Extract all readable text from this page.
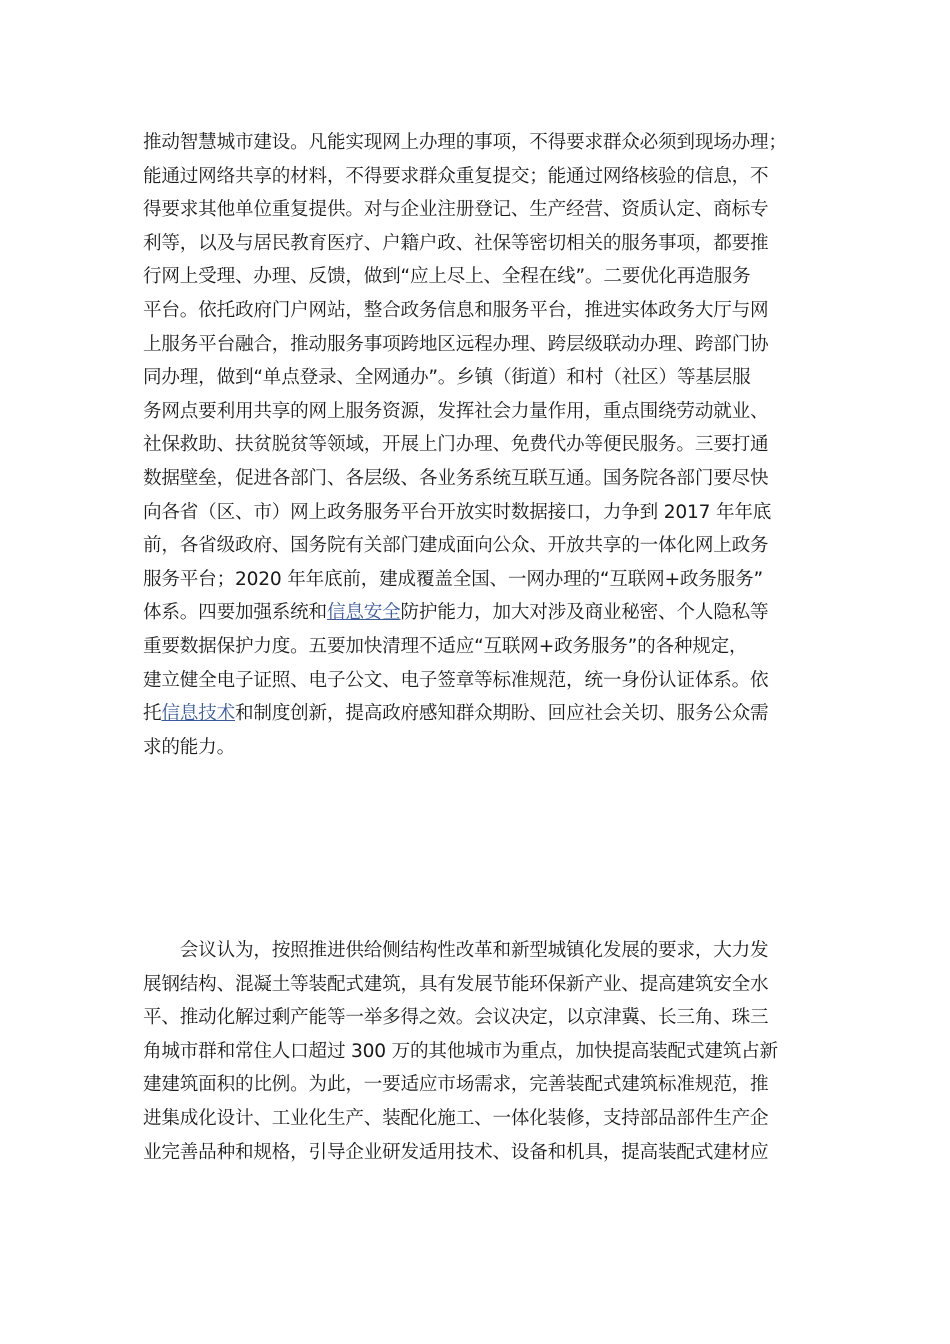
推动智慧城市建设。凡能实现网上办理的事项，不得要求群众必须到现场办理；
能通过网络共享的材料，不得要求群众重复提交；能通过网络核验的信息，不
得要求其他单位重复提供。对与企业注册登记、生产经营、资质认定、商标专
利等，以及与居民教育医疗、户籍户政、社保等密切相关的服务事项，都要推
行网上受理、办理、反馈，做到“应上尽上、全程在线”。二要优化再造服务
平台。依托政府门户网站，整合政务信息和服务平台，推进实体政务大厅与网
上服务平台融合，推动服务事项跨地区远程办理、跨层级联动办理、跨部门协
同办理，做到“单点登录、全网通办”。乡镇（街道）和村（社区）等基层服
务网点要利用共享的网上服务资源，发挥社会力量作用，重点围绕劳动就业、
社保救助、扶贫脱贫等领域，开展上门办理、免费代办等便民服务。三要打通
数据壁垒，促进各部门、各层级、各业务系统互联互通。国务院各部门要尽快
向各省（区、市）网上政务服务平台开放实时数据接口，力争到 2017 年年底
前，各省级政府、国务院有关部门建成面向公众、开放共享的一体化网上政务
服务平台；2020 年年底前，建成覆盖全国、一网办理的“互联网+政务服务”
体系。四要加强系统和信息安全防护能力，加大对涉及商业秘密、个人隐私等
重要数据保护力度。五要加快清理不适应“互联网+政务服务”的各种规定，
建立健全电子证照、电子公文、电子签章等标准规范，统一身份认证体系。依
托信息技术和制度创新，提高政府感知群众期盼、回应社会关切、服务公众需
求的能力。

　　会议认为，按照推进供给侧结构性改革和新型城镇化发展的要求，大力发
展钢结构、混凝土等装配式建筑，具有发展节能环保新产业、提高建筑安全水
平、推动化解过剩产能等一举多得之效。会议决定，以京津冀、长三角、珠三
角城市群和常住人口超过 300 万的其他城市为重点，加快提高装配式建筑占新
建建筑面积的比例。为此，一要适应市场需求，完善装配式建筑标准规范，推
进集成化设计、工业化生产、装配化施工、一体化装修，支持部品部件生产企
业完善品种和规格，引导企业研发适用技术、设备和机具，提高装配式建材应
